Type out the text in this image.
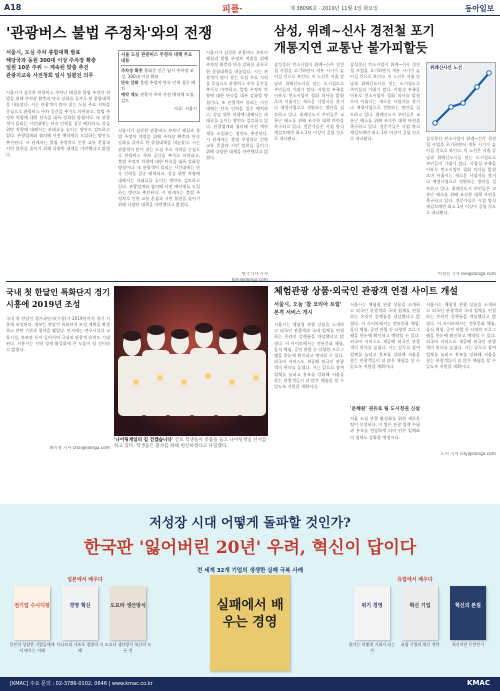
A18	피플·	제 38096호 · 2019년 11월 1일 화요일	동아일보
'관광버스 불법 주정차'와의 전쟁
서울시, 도심 주차 종합대책 발표
해당국과 동원 300대 이상 주차장 확충
일원 10분 주위 ~ 계속된 맞춤 추진
관광지교육 사전청회 일시 일괄진 의무
서울시가 심각한 관광버스 주차난 해결과 불법 주정차 적발을 위해 주차장 확충과 단속 강화를 골자로 한 종합대책을 내놓았다. 시는 관광객이 많이 찾는 도심 주요 지역을 중심으로 관광버스 주차 공간을 추가로 마련하고, 불법 주정차 차량에 대한 단속을 대폭 강화할 방침이다. 또 관광객이 몰리는 시간대에는 단속 인력을 집중 배치하고, 상습 위반 차량에 대해서는 과태료를 높이는 방안도 검토하고 있다. 관광업계와 협의해 사전 예약제를 도입하는 방안도 추진된다. 시 관계자는 불법 주정차로 인한 교통 혼잡과 시민 불편을 줄이기 위해 다양한 대책을 마련했다고 밝혔다.
서울 도심 관광버스 주정차 대책 주요 내용
주차장 확충 광화문 인근 임시 주차장 조성, 300대 이상 확보
단속 강화 불법 주정차 단속 인력 집중 배치
예약 제도 관광지 주차 사전 예약제 도입 검토
자료: 서울시
서울시가 심각한 관광버스 주차난 해결과 불법 주정차 적발을 위해 주차장 확충과 단속 강화를 골자로 한 종합대책을 내놓았다. 시는 관광객이 많이 찾는 도심 주요 지역을 중심으로 관광버스 주차 공간을 추가로 마련하고, 불법 주정차 차량에 대한 단속을 대폭 강화할 방침이다. 또 관광객이 몰리는 시간대에는 단속 인력을 집중 배치하고, 상습 위반 차량에 대해서는 과태료를 높이는 방안도 검토하고 있다. 관광업계와 협의해 사전 예약제를 도입하는 방안도 추진된다. 시 관계자는 불법 주정차로 인한 교통 혼잡과 시민 불편을 줄이기 위해 다양한 대책을 마련했다고 밝혔다.
서울시가 심각한 관광버스 주차난 해결과 불법 주정차 적발을 위해 주차장 확충과 단속 강화를 골자로 한 종합대책을 내놓았다. 시는 관광객이 많이 찾는 도심 주요 지역을 중심으로 관광버스 주차 공간을 추가로 마련하고, 불법 주정차 차량에 대한 단속을 대폭 강화할 방침이다. 또 관광객이 몰리는 시간대에는 단속 인력을 집중 배치하고, 상습 위반 차량에 대해서는 과태료를 높이는 방안도 검토하고 있다. 관광업계와 협의해 사전 예약제를 도입하는 방안도 추진된다. 시 관계자는 불법 주정차로 인한 교통 혼잡과 시민 불편을 줄이기 위해 다양한 대책을 마련했다고 밝혔다.
한국기자 기자
삼성, 위례~신사 경전철 포기
개통지연 교통난 불가피할듯
삼성물산 컨소시엄이 위례~신사 경전철 사업을 포기하면서 개통 시기가 늦어질 것으로 보인다. 이 노선은 서울 강남과 위례신도시를 잇는 도시철도로 주민들의 기대가 컸다. 사업성 부족을 이유로 컨소시엄이 철회 의사를 밝혔으며 서울시는 새로운 사업자를 찾거나 재정사업으로 전환하는 방안을 검토하고 있다. 위례신도시 주민들은 교통난 해소를 위해 조속한 대책 마련을 촉구하고 있다. 전문가들은 사업 방식 재검토에만 최소 1년 이상이 걸릴 것으로 내다봤다.
삼성물산 컨소시엄이 위례~신사 경전철 사업을 포기하면서 개통 시기가 늦어질 것으로 보인다. 이 노선은 서울 강남과 위례신도시를 잇는 도시철도로 주민들의 기대가 컸다. 사업성 부족을 이유로 컨소시엄이 철회 의사를 밝혔으며 서울시는 새로운 사업자를 찾거나 재정사업으로 전환하는 방안을 검토하고 있다. 위례신도시 주민들은 교통난 해소를 위해 조속한 대책 마련을 촉구하고 있다. 전문가들은 사업 방식 재검토에만 최소 1년 이상이 걸릴 것으로 내다봤다.
위례신사선 노선
삼성물산 컨소시엄이 위례~신사 경전철 사업을 포기하면서 개통 시기가 늦어질 것으로 보인다. 이 노선은 서울 강남과 위례신도시를 잇는 도시철도로 주민들의 기대가 컸다. 사업성 부족을 이유로 컨소시엄이 철회 의사를 밝혔으며 서울시는 새로운 사업자를 찾거나 재정사업으로 전환하는 방안을 검토하고 있다. 위례신도시 주민들은 교통난 해소를 위해 조속한 대책 마련을 촉구하고 있다. 전문가들은 사업 방식 재검토에만 최소 1년 이상이 걸릴 것으로 내다봤다.
이경진 기자 lee@donga.com
국내 첫 한달인 특화단지 경기 시흥에 2019년 조성
국내 첫 한달인 접가과단지(가칭)가 2019년까지 경기 시흥에 조성된다. 정부는 한달인 특화단지 조성 계획을 확정하고 관련 기관과 협약을 맺었다. 단지에는 연구시설과 교육시설, 홍보관 등이 들어서며 국내외 관광객 유치도 기대된다. 시흥시는 지역 경제 활성화에 큰 도움이 될 것이라고 밝혔다.
최유정 기자 choi@donga.com
'나이팅게일의 길 걷겠습니다' 간호 학생들이 촛불을 들고 나이팅게일 선서를 하고 있다. 학생들은 환자를 위해 헌신하겠다고 다짐했다.
체험관광 상품·외국인 관광객 연결 사이트 개설
서울시, 오늘 '참 코리아 트립' 본격 서비스 개시
서울시는 체험형 관광 상품을 소개하고 외국인 관광객과 국내 업체를 연결하는 온라인 플랫폼을 개설했다고 밝혔다. 이 사이트에서는 전통문화 체험, 음식 체험, 공연 관람 등 다양한 프로그램을 한눈에 확인하고 예약할 수 있다. 외국어 서비스도 제공해 외국인 관광객의 편의를 높였다. 시는 앞으로 참여 업체를 늘리고 홍보를 강화해 서울을 찾는 관광객들이 더 많은 체험을 할 수 있도록 지원할 계획이다.
서울시는 체험형 관광 상품을 소개하고 외국인 관광객과 국내 업체를 연결하는 온라인 플랫폼을 개설했다고 밝혔다. 이 사이트에서는 전통문화 체험, 음식 체험, 공연 관람 등 다양한 프로그램을 한눈에 확인하고 예약할 수 있다. 외국어 서비스도 제공해 외국인 관광객의 편의를 높였다. 시는 앞으로 참여 업체를 늘리고 홍보를 강화해 서울을 찾는 관광객들이 더 많은 체험을 할 수 있도록 지원할 계획이다.
'문해원' 권유로 팀 도시정권 신설
서울 도심 관광 활성화를 위한 새로운 팀이 신설된다. 이 팀은 관광 정책 수립과 홍보를 전담하게 되며 민간 업체와의 협력도 강화할 예정이다.
서울시는 체험형 관광 상품을 소개하고 외국인 관광객과 국내 업체를 연결하는 온라인 플랫폼을 개설했다고 밝혔다. 이 사이트에서는 전통문화 체험, 음식 체험, 공연 관람 등 다양한 프로그램을 한눈에 확인하고 예약할 수 있다. 외국어 서비스도 제공해 외국인 관광객의 편의를 높였다. 시는 앞으로 참여 업체를 늘리고 홍보를 강화해 서울을 찾는 관광객들이 더 많은 체험을 할 수 있도록 지원할 계획이다.
도시 기자 city@donga.com
저성장 시대 어떻게 돌파할 것인가?
한국판 '잃어버린 20년' 우려, 혁신이 답이다
전 세계 32개 기업의 생생한 실패 극복 사례
일본에서 배우다	유럽에서 배우다
전기업 수시디팅	경영 혁신	도요타 생산방식	실패에서 배우는 경영
위기 경영	혁신 기업	혁신의 본질
일본의 성장한 기업들에게서 배우는 지혜
이나모리 가즈오 경영의 지혜
도요타 생산방식 혁신의 모든 것
위기는 어떻게 기회가 되는가
유럽 기업의 혁신 전략	혁신이란 무엇인가
[KMAC] 주요 문의 : 02-3786-0102, 0646 | www.kmac.co.kr	KMAC
